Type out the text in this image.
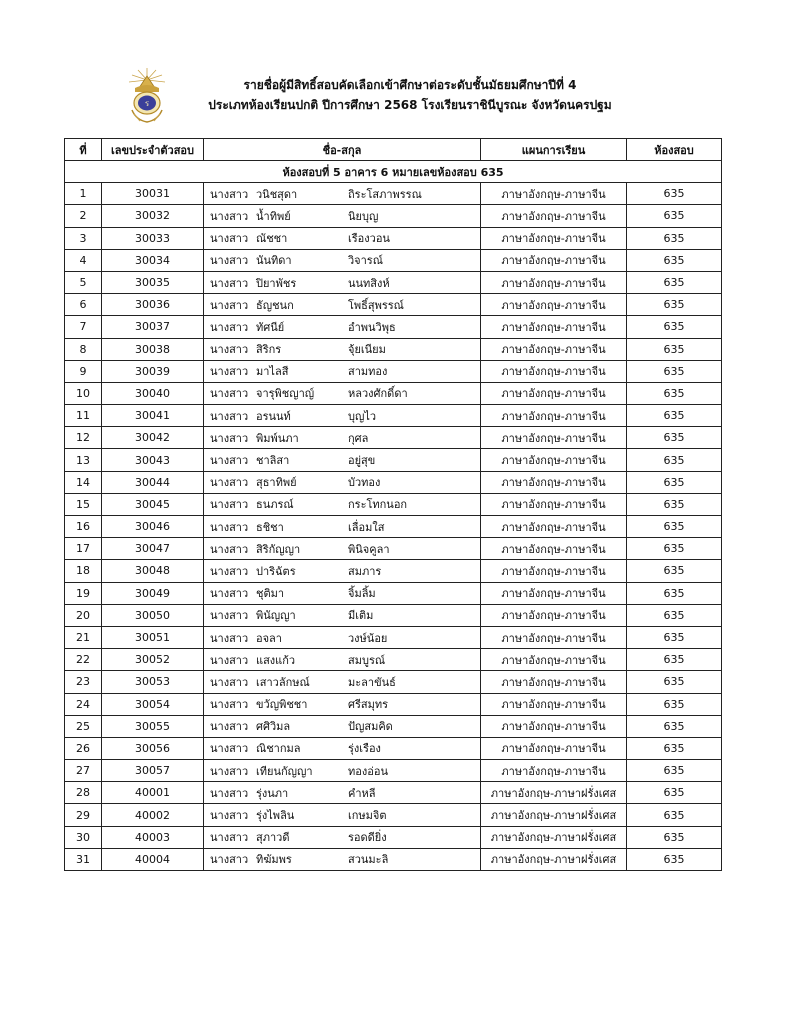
ร
รายชื่อผู้มีสิทธิ์สอบคัดเลือกเข้าศึกษาต่อระดับชั้นมัธยมศึกษาปีที่ 4
ประเภทห้องเรียนปกติ ปีการศึกษา 2568 โรงเรียนราชินีบูรณะ จังหวัดนครปฐม
ที่	เลขประจำตัวสอบ	ชื่อ-สกุล	แผนการเรียน	ห้องสอบ
ห้องสอบที่ 5 อาคาร 6 หมายเลขห้องสอบ 635				
1	30031	นางสาว วนิชสุดา ถิระโสภาพรรณ	ภาษาอังกฤษ-ภาษาจีน	635
2	30032	นางสาว น้ำทิพย์ นิยบุญ	ภาษาอังกฤษ-ภาษาจีน	635
3	30033	นางสาว ณัชชา เรืองวอน	ภาษาอังกฤษ-ภาษาจีน	635
4	30034	นางสาว นันทิดา วิจารณ์	ภาษาอังกฤษ-ภาษาจีน	635
5	30035	นางสาว ปิยาพัชร นนทสิงห์	ภาษาอังกฤษ-ภาษาจีน	635
6	30036	นางสาว ธัญชนก โพธิ์สุพรรณ์	ภาษาอังกฤษ-ภาษาจีน	635
7	30037	นางสาว ทัศนีย์ อำพนวิพุธ	ภาษาอังกฤษ-ภาษาจีน	635
8	30038	นางสาว สิริกร จุ้ยเนียม	ภาษาอังกฤษ-ภาษาจีน	635
9	30039	นางสาว มาไลสี สามทอง	ภาษาอังกฤษ-ภาษาจีน	635
10	30040	นางสาว จารุพิชญาญ์ หลวงศักดิ์ดา	ภาษาอังกฤษ-ภาษาจีน	635
11	30041	นางสาว อรนนท์ บุญไว	ภาษาอังกฤษ-ภาษาจีน	635
12	30042	นางสาว พิมพ์นภา กุศล	ภาษาอังกฤษ-ภาษาจีน	635
13	30043	นางสาว ชาลิสา อยู่สุข	ภาษาอังกฤษ-ภาษาจีน	635
14	30044	นางสาว สุธาทิพย์ บัวทอง	ภาษาอังกฤษ-ภาษาจีน	635
15	30045	นางสาว ธนภรณ์ กระโทกนอก	ภาษาอังกฤษ-ภาษาจีน	635
16	30046	นางสาว ธชิชา เลื่อมใส	ภาษาอังกฤษ-ภาษาจีน	635
17	30047	นางสาว สิริกัญญา พินิจคูลา	ภาษาอังกฤษ-ภาษาจีน	635
18	30048	นางสาว ปาริฉัตร สมภาร	ภาษาอังกฤษ-ภาษาจีน	635
19	30049	นางสาว ชุติมา จิ้มลิ้ม	ภาษาอังกฤษ-ภาษาจีน	635
20	30050	นางสาว พินัญญา มีเติม	ภาษาอังกฤษ-ภาษาจีน	635
21	30051	นางสาว อจลา วงษ์น้อย	ภาษาอังกฤษ-ภาษาจีน	635
22	30052	นางสาว แสงแก้ว สมบูรณ์	ภาษาอังกฤษ-ภาษาจีน	635
23	30053	นางสาว เสาวลักษณ์ มะลาขันธ์	ภาษาอังกฤษ-ภาษาจีน	635
24	30054	นางสาว ขวัญพิชชา ศรีสมุทร	ภาษาอังกฤษ-ภาษาจีน	635
25	30055	นางสาว ศศิวิมล ปัญสมคิด	ภาษาอังกฤษ-ภาษาจีน	635
26	30056	นางสาว ณิชากมล รุ่งเรือง	ภาษาอังกฤษ-ภาษาจีน	635
27	30057	นางสาว เทียนกัญญา ทองอ่อน	ภาษาอังกฤษ-ภาษาจีน	635
28	40001	นางสาว รุ่งนภา คำหลี	ภาษาอังกฤษ-ภาษาฝรั่งเศส	635
29	40002	นางสาว รุ่งไพลิน เกษมจิต	ภาษาอังกฤษ-ภาษาฝรั่งเศส	635
30	40003	นางสาว สุภาวดี รอดดียิ่ง	ภาษาอังกฤษ-ภาษาฝรั่งเศส	635
31	40004	นางสาว ทิฆัมพร สวนมะลิ	ภาษาอังกฤษ-ภาษาฝรั่งเศส	635
